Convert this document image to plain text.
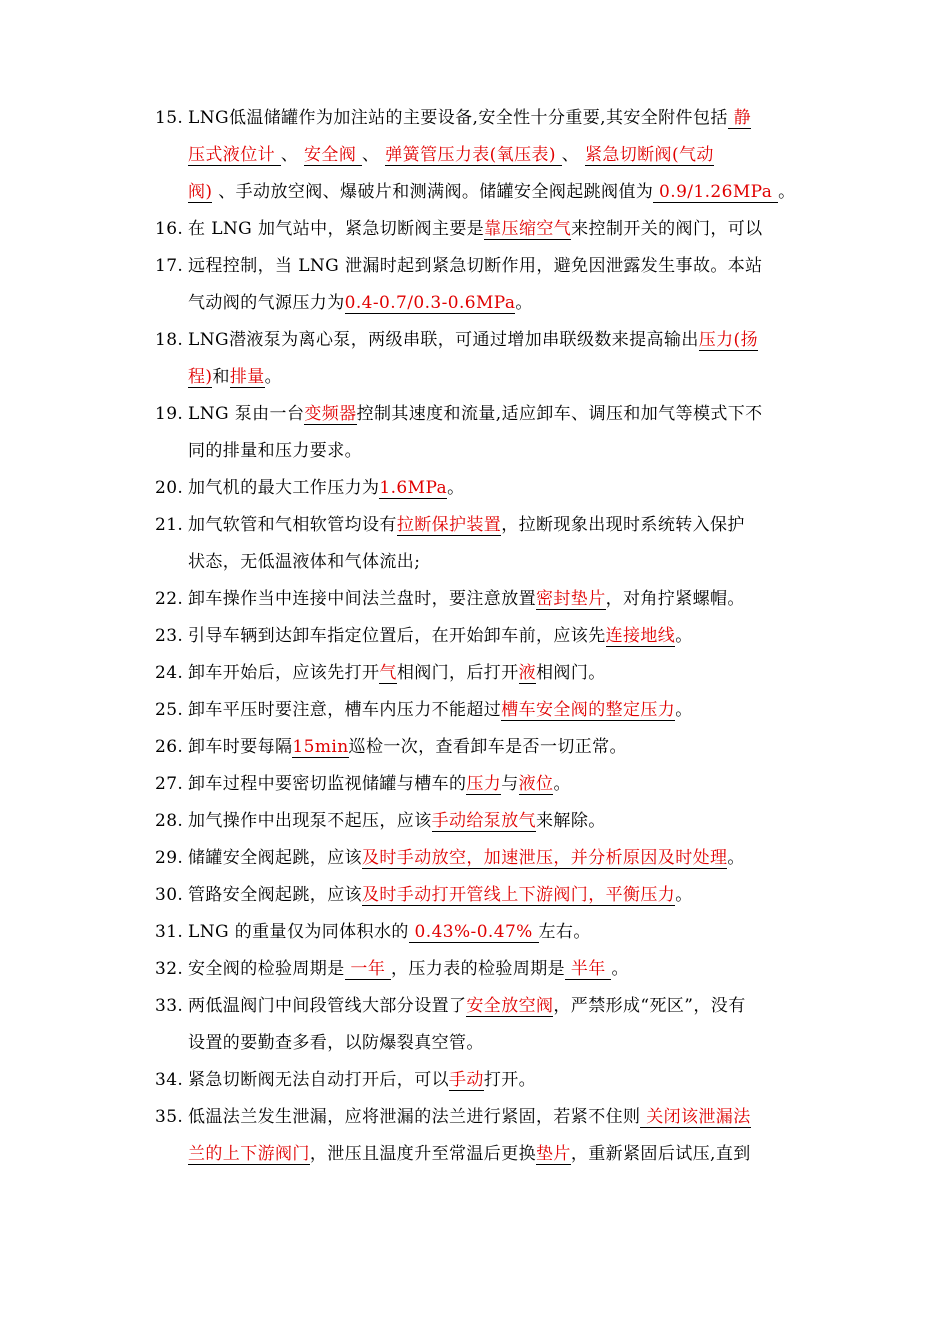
15. LNG低温储罐作为加注站的主要设备,安全性十分重要,其安全附件包括 静
压式液位计 、 安全阀 、 弹簧管压力表(氧压表) 、 紧急切断阀(气动
阀) 、手动放空阀、爆破片和测满阀。储罐安全阀起跳阀值为 0.9/1.26MPa 。
16. 在 LNG 加气站中，紧急切断阀主要是靠压缩空气来控制开关的阀门，可以
17. 远程控制，当 LNG 泄漏时起到紧急切断作用，避免因泄露发生事故。本站
气动阀的气源压力为0.4-0.7/0.3-0.6MPa。
18. LNG潜液泵为离心泵，两级串联，可通过增加串联级数来提高输出压力(扬
程)和排量。
19. LNG 泵由一台变频器控制其速度和流量,适应卸车、调压和加气等模式下不
同的排量和压力要求。
20. 加气机的最大工作压力为1.6MPa。
21. 加气软管和气相软管均设有拉断保护装置，拉断现象出现时系统转入保护
状态，无低温液体和气体流出;
22. 卸车操作当中连接中间法兰盘时，要注意放置密封垫片，对角拧紧螺帽。
23. 引导车辆到达卸车指定位置后，在开始卸车前，应该先连接地线。
24. 卸车开始后，应该先打开气相阀门，后打开液相阀门。
25. 卸车平压时要注意，槽车内压力不能超过槽车安全阀的整定压力。
26. 卸车时要每隔15min巡检一次，查看卸车是否一切正常。
27. 卸车过程中要密切监视储罐与槽车的压力与液位。
28. 加气操作中出现泵不起压，应该手动给泵放气来解除。
29. 储罐安全阀起跳，应该及时手动放空，加速泄压，并分析原因及时处理。
30. 管路安全阀起跳，应该及时手动打开管线上下游阀门，平衡压力。
31. LNG 的重量仅为同体积水的 0.43%-0.47% 左右。
32. 安全阀的检验周期是 一年 ，压力表的检验周期是 半年 。
33. 两低温阀门中间段管线大部分设置了安全放空阀，严禁形成“死区”，没有
设置的要勤查多看，以防爆裂真空管。
34. 紧急切断阀无法自动打开后，可以手动打开。
35. 低温法兰发生泄漏，应将泄漏的法兰进行紧固，若紧不住则 关闭该泄漏法
兰的上下游阀门，泄压且温度升至常温后更换垫片，重新紧固后试压,直到
